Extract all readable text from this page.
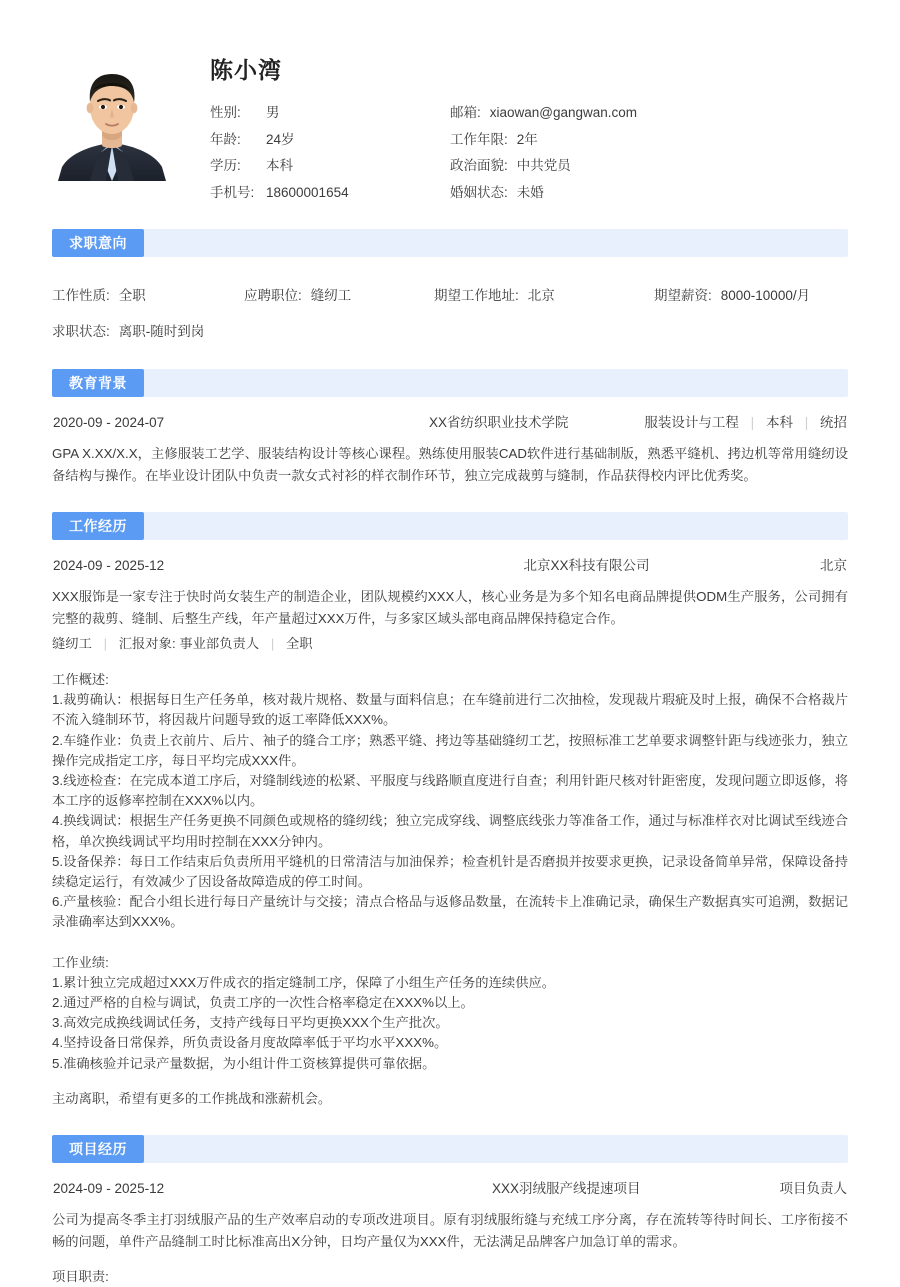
陈小湾
性别:	男	邮箱: xiaowan@gangwan.com
年龄:	24岁	工作年限: 2年
学历:	本科	政治面貌: 中共党员
手机号: 18600001654	婚姻状态: 未婚
求职意向
工作性质: 全职	应聘职位: 缝纫工	期望工作地址: 北京	期望薪资: 8000-10000/月
求职状态: 离职-随时到岗
教育背景
2020-09 - 2024-07	XX省纺织职业技术学院	服装设计与工程 | 本科 | 统招
GPA X.XX/X.X，主修服装工艺学、服装结构设计等核心课程。熟练使用服装CAD软件进行基础制版，熟悉平缝机、拷边机等常用缝纫设备结构与操作。在毕业设计团队中负责一款女式衬衫的样衣制作环节，独立完成裁剪与缝制，作品获得校内评比优秀奖。
工作经历
2024-09 - 2025-12	北京XX科技有限公司	北京
XXX服饰是一家专注于快时尚女装生产的制造企业，团队规模约XXX人，核心业务是为多个知名电商品牌提供ODM生产服务，公司拥有完整的裁剪、缝制、后整生产线，年产量超过XXX万件，与多家区域头部电商品牌保持稳定合作。
缝纫工 | 汇报对象: 事业部负责人 | 全职
工作概述:
1.裁剪确认：根据每日生产任务单，核对裁片规格、数量与面料信息；在车缝前进行二次抽检，发现裁片瑕疵及时上报，确保不合格裁片不流入缝制环节，将因裁片问题导致的返工率降低XXX%。
2.车缝作业：负责上衣前片、后片、袖子的缝合工序；熟悉平缝、拷边等基础缝纫工艺，按照标准工艺单要求调整针距与线迹张力，独立操作完成指定工序，每日平均完成XXX件。
3.线迹检查：在完成本道工序后，对缝制线迹的松紧、平服度与线路顺直度进行自查；利用针距尺核对针距密度，发现问题立即返修，将本工序的返修率控制在XXX%以内。
4.换线调试：根据生产任务更换不同颜色或规格的缝纫线；独立完成穿线、调整底线张力等准备工作，通过与标准样衣对比调试至线迹合格，单次换线调试平均用时控制在XXX分钟内。
5.设备保养：每日工作结束后负责所用平缝机的日常清洁与加油保养；检查机针是否磨损并按要求更换，记录设备简单异常，保障设备持续稳定运行，有效减少了因设备故障造成的停工时间。
6.产量核验：配合小组长进行每日产量统计与交接；清点合格品与返修品数量，在流转卡上准确记录，确保生产数据真实可追溯，数据记录准确率达到XXX%。
工作业绩:
1.累计独立完成超过XXX万件成衣的指定缝制工序，保障了小组生产任务的连续供应。
2.通过严格的自检与调试，负责工序的一次性合格率稳定在XXX%以上。
3.高效完成换线调试任务，支持产线每日平均更换XXX个生产批次。
4.坚持设备日常保养，所负责设备月度故障率低于平均水平XXX%。
5.准确核验并记录产量数据，为小组计件工资核算提供可靠依据。
主动离职，希望有更多的工作挑战和涨薪机会。
项目经历
2024-09 - 2025-12	XXX羽绒服产线提速项目	项目负责人
公司为提高冬季主打羽绒服产品的生产效率启动的专项改进项目。原有羽绒服绗缝与充绒工序分离，存在流转等待时间长、工序衔接不畅的问题，单件产品缝制工时比标准高出X分钟，日均产量仅为XXX件，无法满足品牌客户加急订单的需求。
项目职责:
